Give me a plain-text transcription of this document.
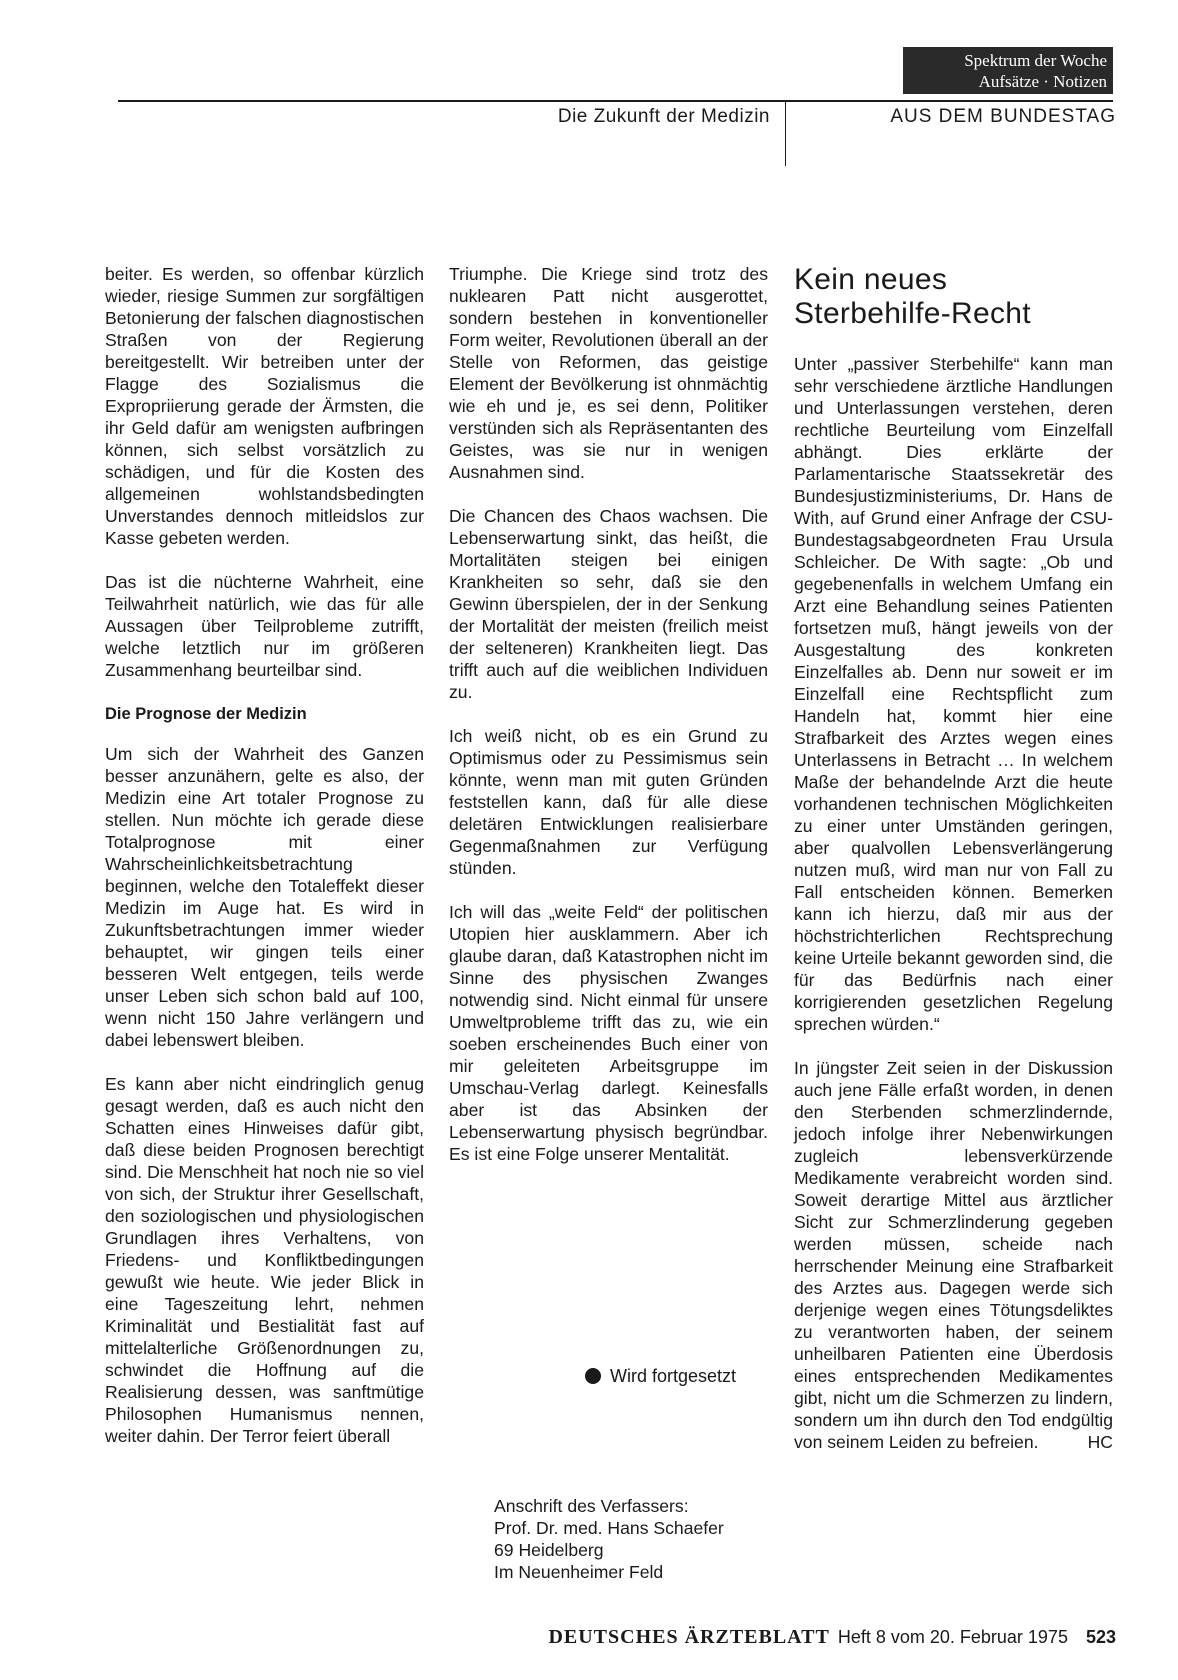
Spektrum der Woche
Aufsätze · Notizen
Die Zukunft der Medizin	AUS DEM BUNDESTAG

beiter. Es werden, so offenbar kürzlich wieder, riesige Summen zur sorgfältigen Betonierung der falschen diagnostischen Straßen von der Regierung bereitgestellt. Wir betreiben unter der Flagge des Sozialismus die Expropriierung gerade der Ärmsten, die ihr Geld dafür am wenigsten aufbringen können, sich selbst vorsätzlich zu schädigen, und für die Kosten des allgemeinen wohlstandsbedingten Unverstandes dennoch mitleidslos zur Kasse gebeten werden.

Das ist die nüchterne Wahrheit, eine Teilwahrheit natürlich, wie das für alle Aussagen über Teilprobleme zutrifft, welche letztlich nur im größeren Zusammenhang beurteilbar sind.

Die Prognose der Medizin

Um sich der Wahrheit des Ganzen besser anzunähern, gelte es also, der Medizin eine Art totaler Prognose zu stellen. Nun möchte ich gerade diese Totalprognose mit einer Wahrscheinlichkeitsbetrachtung beginnen, welche den Totaleffekt dieser Medizin im Auge hat. Es wird in Zukunftsbetrachtungen immer wieder behauptet, wir gingen teils einer besseren Welt entgegen, teils werde unser Leben sich schon bald auf 100, wenn nicht 150 Jahre verlängern und dabei lebenswert bleiben.

Es kann aber nicht eindringlich genug gesagt werden, daß es auch nicht den Schatten eines Hinweises dafür gibt, daß diese beiden Prognosen berechtigt sind. Die Menschheit hat noch nie so viel von sich, der Struktur ihrer Gesellschaft, den soziologischen und physiologischen Grundlagen ihres Verhaltens, von Friedens- und Konfliktbedingungen gewußt wie heute. Wie jeder Blick in eine Tageszeitung lehrt, nehmen Kriminalität und Bestialität fast auf mittelalterliche Größenordnungen zu, schwindet die Hoffnung auf die Realisierung dessen, was sanftmütige Philosophen Humanismus nennen, weiter dahin. Der Terror feiert überall

Triumphe. Die Kriege sind trotz des nuklearen Patt nicht ausgerottet, sondern bestehen in konventioneller Form weiter, Revolutionen überall an der Stelle von Reformen, das geistige Element der Bevölkerung ist ohnmächtig wie eh und je, es sei denn, Politiker verstünden sich als Repräsentanten des Geistes, was sie nur in wenigen Ausnahmen sind.

Die Chancen des Chaos wachsen. Die Lebenserwartung sinkt, das heißt, die Mortalitäten steigen bei einigen Krankheiten so sehr, daß sie den Gewinn überspielen, der in der Senkung der Mortalität der meisten (freilich meist der selteneren) Krankheiten liegt. Das trifft auch auf die weiblichen Individuen zu.

Ich weiß nicht, ob es ein Grund zu Optimismus oder zu Pessimismus sein könnte, wenn man mit guten Gründen feststellen kann, daß für alle diese deletären Entwicklungen realisierbare Gegenmaßnahmen zur Verfügung stünden.

Ich will das „weite Feld“ der politischen Utopien hier ausklammern. Aber ich glaube daran, daß Katastrophen nicht im Sinne des physischen Zwanges notwendig sind. Nicht einmal für unsere Umweltprobleme trifft das zu, wie ein soeben erscheinendes Buch einer von mir geleiteten Arbeitsgruppe im Umschau-Verlag darlegt. Keinesfalls aber ist das Absinken der Lebenserwartung physisch begründbar. Es ist eine Folge unserer Mentalität.

Wird fortgesetzt
Anschrift des Verfassers:
Prof. Dr. med. Hans Schaefer
69 Heidelberg
Im Neuenheimer Feld
Kein neues
Sterbehilfe-Recht

Unter „passiver Sterbehilfe“ kann man sehr verschiedene ärztliche Handlungen und Unterlassungen verstehen, deren rechtliche Beurteilung vom Einzelfall abhängt. Dies erklärte der Parlamentarische Staatssekretär des Bundesjustizministeriums, Dr. Hans de With, auf Grund einer Anfrage der CSU-Bundestagsabgeordneten Frau Ursula Schleicher. De With sagte: „Ob und gegebenenfalls in welchem Umfang ein Arzt eine Behandlung seines Patienten fortsetzen muß, hängt jeweils von der Ausgestaltung des konkreten Einzelfalles ab. Denn nur soweit er im Einzelfall eine Rechtspflicht zum Handeln hat, kommt hier eine Strafbarkeit des Arztes wegen eines Unterlassens in Betracht … In welchem Maße der behandelnde Arzt die heute vorhandenen technischen Möglichkeiten zu einer unter Umständen geringen, aber qualvollen Lebensverlängerung nutzen muß, wird man nur von Fall zu Fall entscheiden können. Bemerken kann ich hierzu, daß mir aus der höchstrichterlichen Rechtsprechung keine Urteile bekannt geworden sind, die für das Bedürfnis nach einer korrigierenden gesetzlichen Regelung sprechen würden.“

In jüngster Zeit seien in der Diskussion auch jene Fälle erfaßt worden, in denen den Sterbenden schmerzlindernde, jedoch infolge ihrer Nebenwirkungen zugleich lebensverkürzende Medikamente verabreicht worden sind. Soweit derartige Mittel aus ärztlicher Sicht zur Schmerzlinderung gegeben werden müssen, scheide nach herrschender Meinung eine Strafbarkeit des Arztes aus. Dagegen werde sich derjenige wegen eines Tötungsdeliktes zu verantworten haben, der seinem unheilbaren Patienten eine Überdosis eines entsprechenden Medikamentes gibt, nicht um die Schmerzen zu lindern, sondern um ihn durch den Tod endgültig von seinem Leiden zu befreien.	HC

DEUTSCHES ÄRZTEBLATT Heft 8 vom 20. Februar 1975 523
